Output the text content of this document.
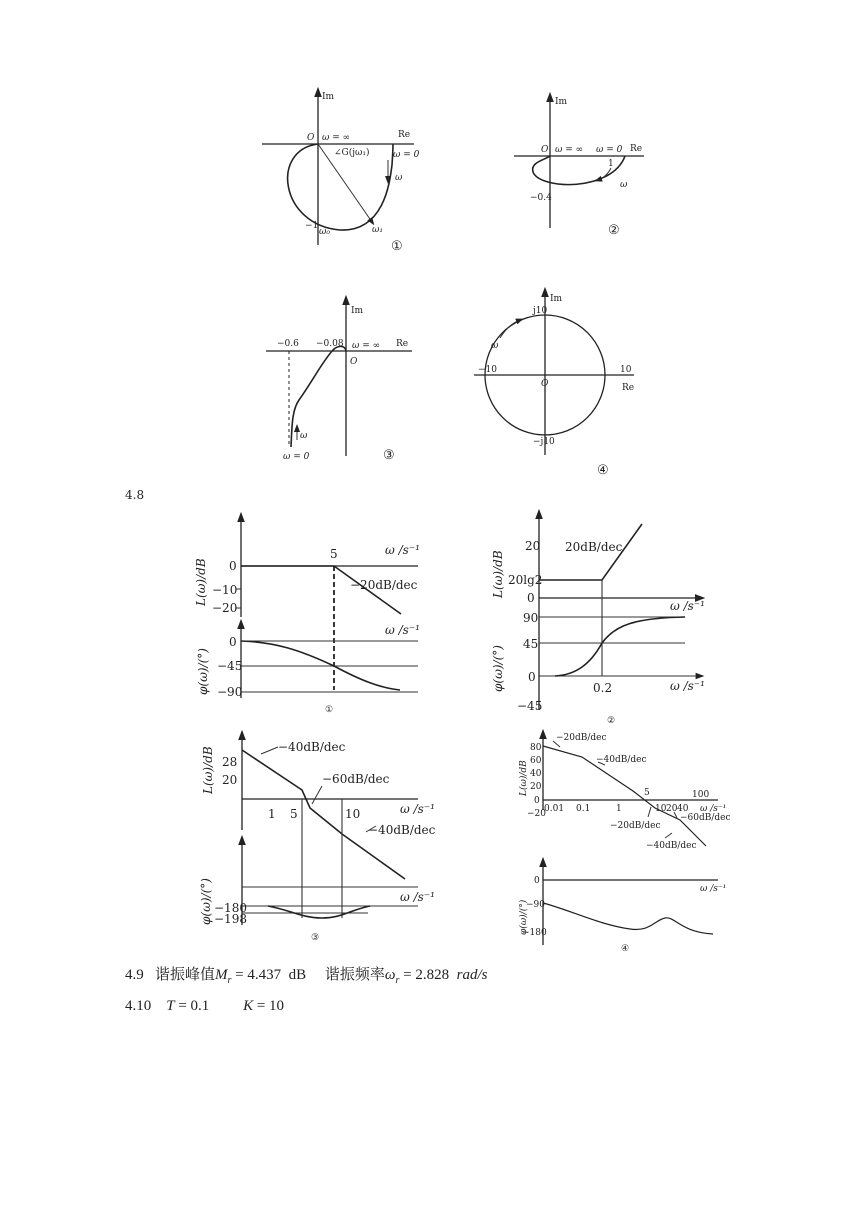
Im
Re
O ω = ∞
ω = 0
∠G(jω₁)
ω
−1
ω₀	ω₁
①
Im
Re
O ω = ∞ ω = 0
1
−0.4
ω
②
Im
Re
O
−0.6 −0.08 ω = ∞
ω
ω = 0	③
Im
Re
O
j10
−j10
−10	10
ω
④
4.8
L(ω)/dB
φ(ω)/(°)
0
−10
−20
5	ω /s⁻¹
−20dB/dec
ω /s⁻¹
0
−45
−90
①
L(ω)/dB
φ(ω)/(°)
20
20lg2
0
20dB/dec
ω /s⁻¹
90
45
0
−45
0.2	ω /s⁻¹
②
L(ω)/dB
φ(ω)/(°)
28
20
1 5	10
−40dB/dec
−60dB/dec
−40dB/dec
ω /s⁻¹
ω /s⁻¹
−180
−198
③
L(ω)/dB
φ(ω)/(°)
80
60
40
20
0
−20
0.01 0.1	1	10 20 40
100
5
−20dB/dec
−40dB/dec
−20dB/dec
−60dB/dec
−40dB/dec
ω /s⁻¹
0
−90
−180
ω /s⁻¹
④
4.9 谐振峰值$M_r = 4.437$  dB 谐振频率$\omega_r = 2.828$ rad/s
4.10 T = 0.1 K = 10
